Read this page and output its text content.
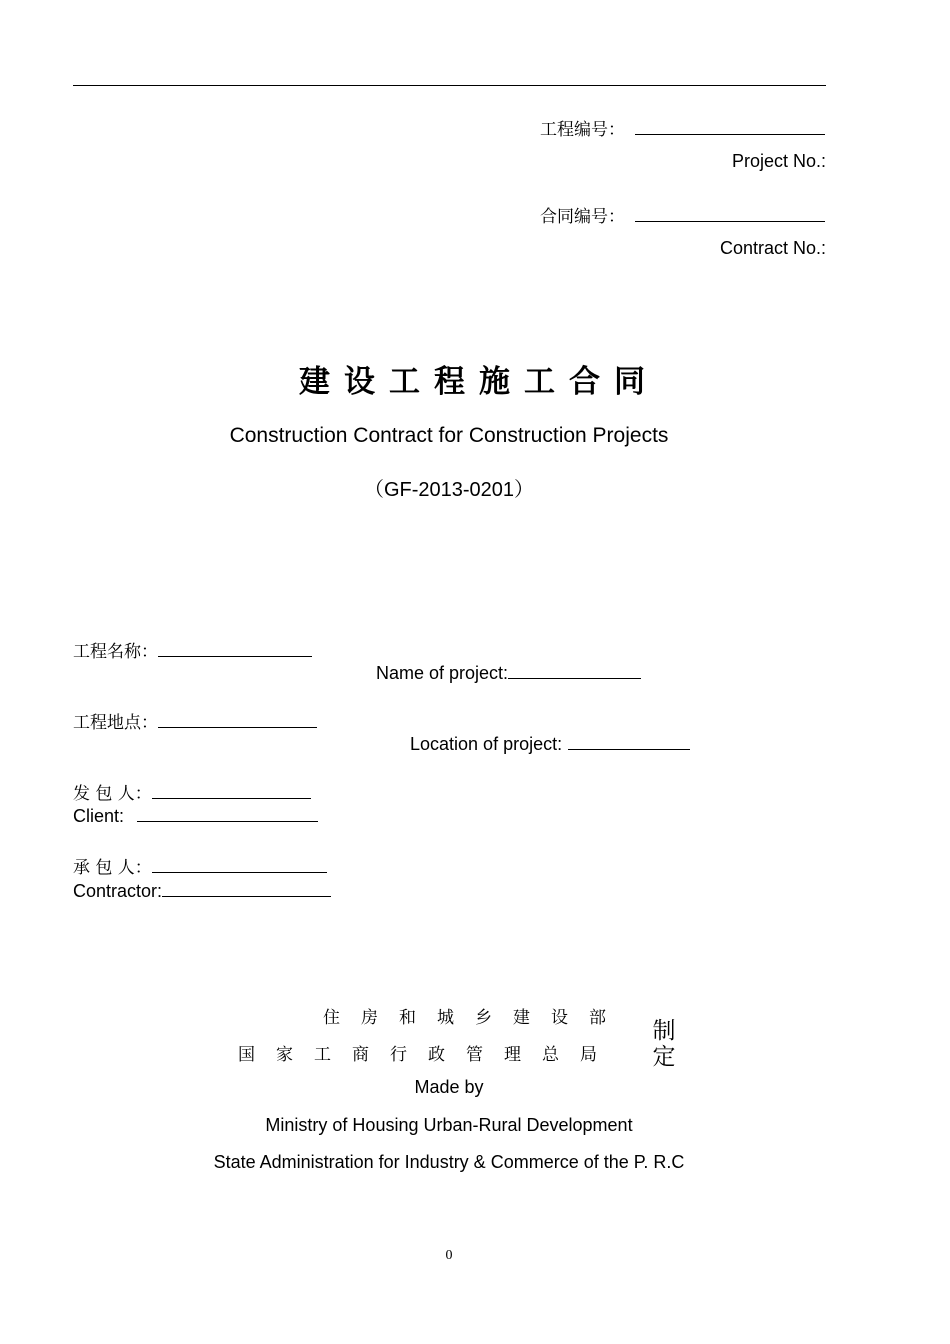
工程编号：
Project No.:
合同编号：
Contract No.:
建设工程施工合同
Construction Contract for Construction Projects
（GF-2013-0201）
工程名称：
Name of project:
工程地点：
Location of project:
发 包 人：
Client:
承 包 人：
Contractor:
住房和城乡建设部
国家工商行政管理总局
制定
Made by
Ministry of Housing Urban-Rural Development
State Administration for Industry & Commerce of the P. R.C
0
